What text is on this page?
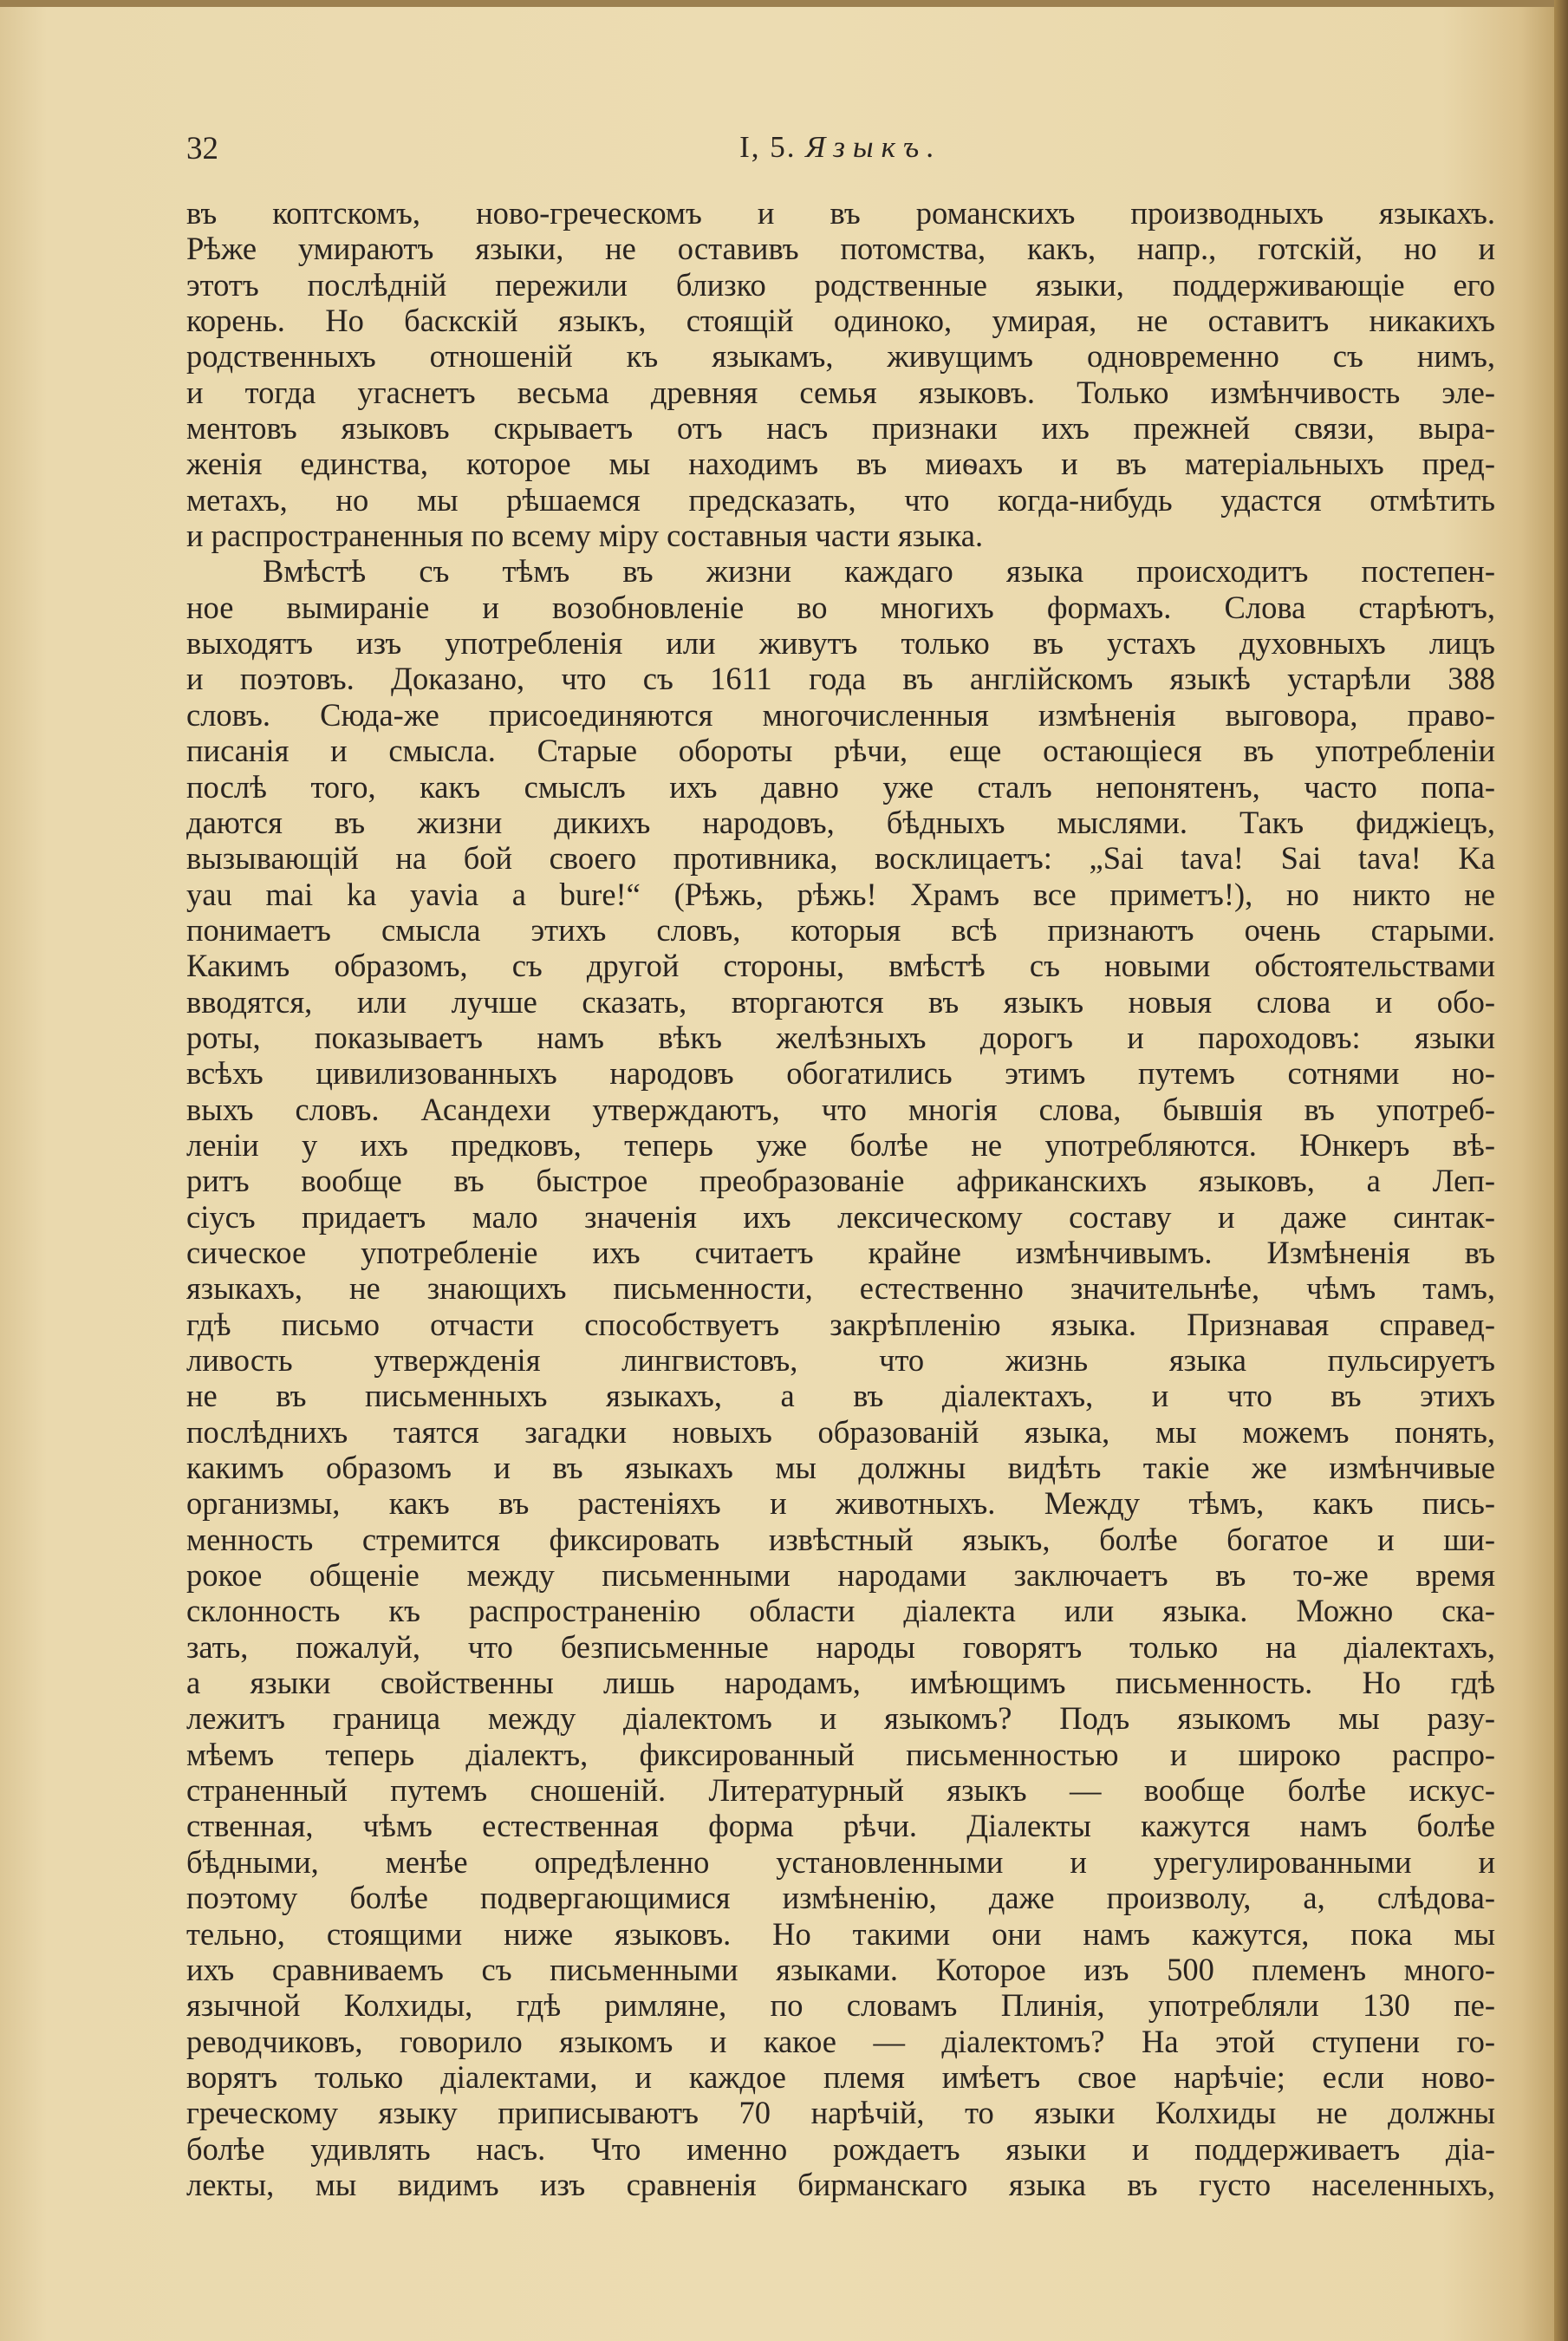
32	I, 5. Языкъ.
въ коптскомъ, ново-греческомъ и въ романскихъ производныхъ языкахъ.
Рѣже умираютъ языки, не оставивъ потомства, какъ, напр., готскій, но и
этотъ послѣдній пережили близко родственные языки, поддерживающіе его
корень. Но баскскій языкъ, стоящій одиноко, умирая, не оставитъ никакихъ
родственныхъ отношеній къ языкамъ, живущимъ одновременно съ нимъ,
и тогда угаснетъ весьма древняя семья языковъ. Только измѣнчивость эле-
ментовъ языковъ скрываетъ отъ насъ признаки ихъ прежней связи, выра-
женія единства, которое мы находимъ въ миѳахъ и въ матеріальныхъ пред-
метахъ, но мы рѣшаемся предсказать, что когда-нибудь удастся отмѣтить
и распространенныя по всему міру составныя части языка.
Вмѣстѣ съ тѣмъ въ жизни каждаго языка происходитъ постепен-
ное вымираніе и возобновленіе во многихъ формахъ. Слова старѣютъ,
выходятъ изъ употребленія или живутъ только въ устахъ духовныхъ лицъ
и поэтовъ. Доказано, что съ 1611 года въ англійскомъ языкѣ устарѣли 388
словъ. Сюда-же присоединяются многочисленныя измѣненія выговора, право-
писанія и смысла. Старые обороты рѣчи, еще остающіеся въ употребленіи
послѣ того, какъ смыслъ ихъ давно уже сталъ непонятенъ, часто попа-
даются въ жизни дикихъ народовъ, бѣдныхъ мыслями. Такъ фиджіецъ,
вызывающій на бой своего противника, восклицаетъ: „Sai tava! Sai tava! Ka
yau mai ka yavia a bure!“ (Рѣжь, рѣжь! Храмъ все приметъ!), но никто не
понимаетъ смысла этихъ словъ, которыя всѣ признаютъ очень старыми.
Какимъ образомъ, съ другой стороны, вмѣстѣ съ новыми обстоятельствами
вводятся, или лучше сказать, вторгаются въ языкъ новыя слова и обо-
роты, показываетъ намъ вѣкъ желѣзныхъ дорогъ и пароходовъ: языки
всѣхъ цивилизованныхъ народовъ обогатились этимъ путемъ сотнями но-
выхъ словъ. Асандехи утверждаютъ, что многія слова, бывшія въ употреб-
леніи у ихъ предковъ, теперь уже болѣе не употребляются. Юнкеръ вѣ-
ритъ вообще въ быстрое преобразованіе африканскихъ языковъ, а Леп-
сіусъ придаетъ мало значенія ихъ лексическому составу и даже синтак-
сическое употребленіе ихъ считаетъ крайне измѣнчивымъ. Измѣненія въ
языкахъ, не знающихъ письменности, естественно значительнѣе, чѣмъ тамъ,
гдѣ письмо отчасти способствуетъ закрѣпленію языка. Признавая справед-
ливость утвержденія лингвистовъ, что жизнь языка пульсируетъ
не въ письменныхъ языкахъ, а въ діалектахъ, и что въ этихъ
послѣднихъ таятся загадки новыхъ образованій языка, мы можемъ понять,
какимъ образомъ и въ языкахъ мы должны видѣть такіе же измѣнчивые
организмы, какъ въ растеніяхъ и животныхъ. Между тѣмъ, какъ пись-
менность стремится фиксировать извѣстный языкъ, болѣе богатое и ши-
рокое общеніе между письменными народами заключаетъ въ то-же время
склонность къ распространенію области діалекта или языка. Можно ска-
зать, пожалуй, что безписьменные народы говорятъ только на діалектахъ,
а языки свойственны лишь народамъ, имѣющимъ письменность. Но гдѣ
лежитъ граница между діалектомъ и языкомъ? Подъ языкомъ мы разу-
мѣемъ теперь діалектъ, фиксированный письменностью и широко распро-
страненный путемъ сношеній. Литературный языкъ — вообще болѣе искус-
ственная, чѣмъ естественная форма рѣчи. Діалекты кажутся намъ болѣе
бѣдными, менѣе опредѣленно установленными и урегулированными и
поэтому болѣе подвергающимися измѣненію, даже произволу, а, слѣдова-
тельно, стоящими ниже языковъ. Но такими они намъ кажутся, пока мы
ихъ сравниваемъ съ письменными языками. Которое изъ 500 племенъ много-
язычной Колхиды, гдѣ римляне, по словамъ Плинія, употребляли 130 пе-
реводчиковъ, говорило языкомъ и какое — діалектомъ? На этой ступени го-
ворятъ только діалектами, и каждое племя имѣетъ свое нарѣчіе; если ново-
греческому языку приписываютъ 70 нарѣчій, то языки Колхиды не должны
болѣе удивлять насъ. Что именно рождаетъ языки и поддерживаетъ діа-
лекты, мы видимъ изъ сравненія бирманскаго языка въ густо населенныхъ,
